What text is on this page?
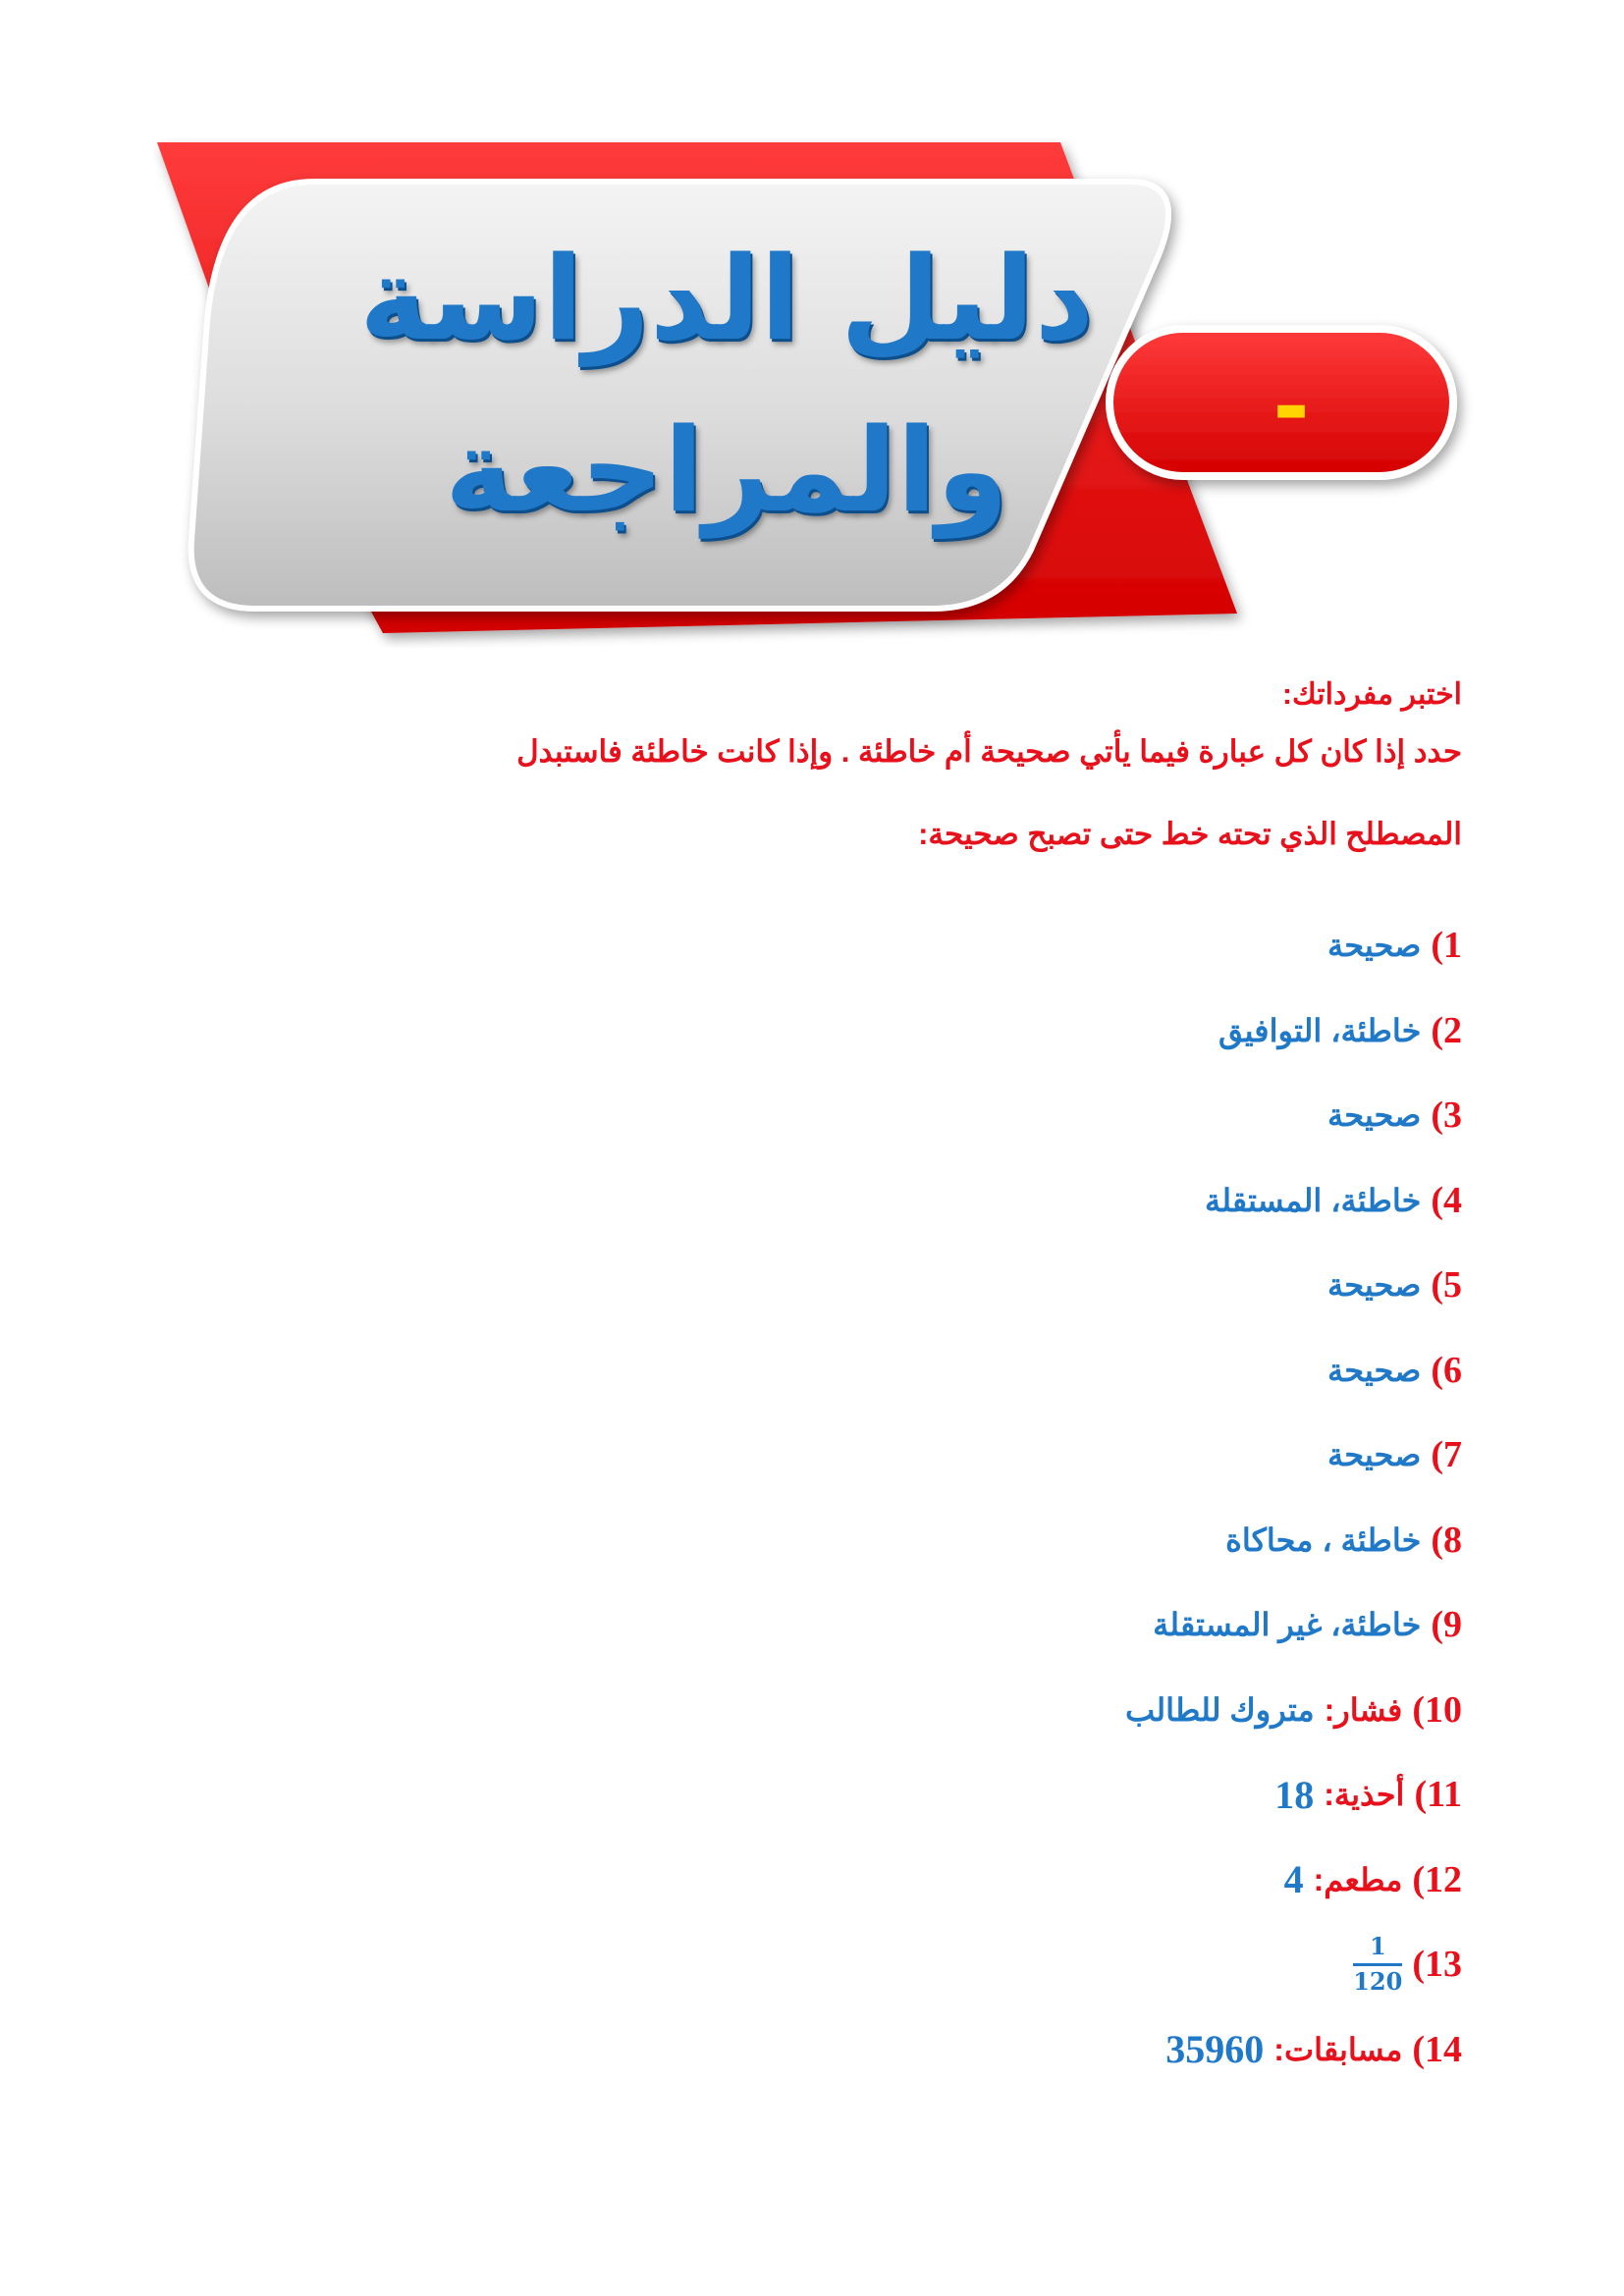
دليل الدراسة
والمراجعة	-
اختبر مفرداتك:
حدد إذا كان كل عبارة فيما يأتي صحيحة أم خاطئة . وإذا كانت خاطئة فاستبدل
المصطلح الذي تحته خط حتى تصبح صحيحة:
1)
صحيحة
2)
خاطئة، التوافيق
3)
صحيحة
4)
خاطئة، المستقلة
5)
صحيحة
6)
صحيحة
7)
صحيحة
8)
خاطئة ، محاكاة
9)
خاطئة، غير المستقلة
10)
فشار:
متروك للطالب
11)
أحذية:
18
12)
مطعم:
4
13)
$\frac{1}{120}$
14)
مسابقات:
35960
